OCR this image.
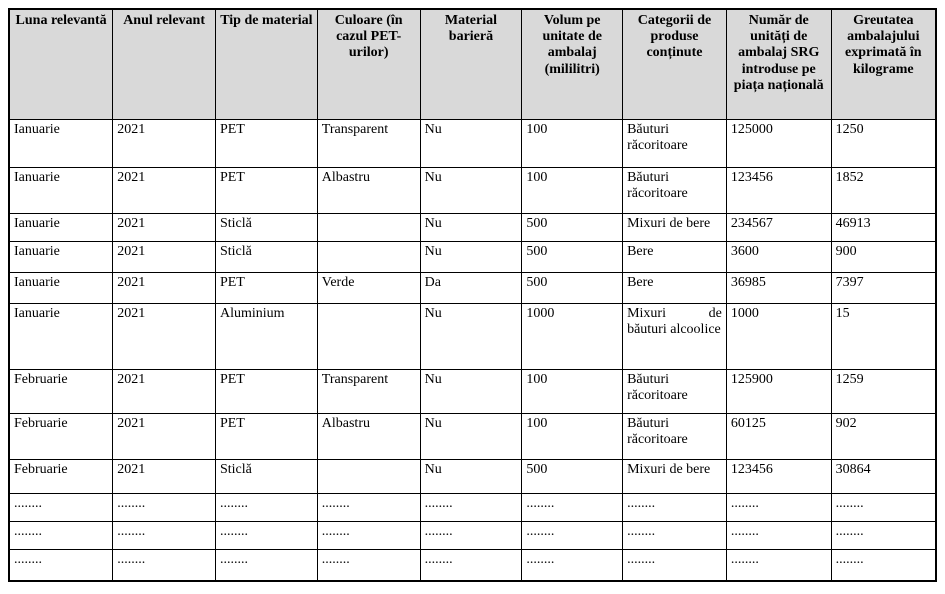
Luna relevantă	Anul relevant	Tip de material	Culoare (în cazul PET-urilor)	Material barieră	Volum pe unitate de ambalaj (mililitri)	Categorii de produse conținute	Număr de unități de ambalaj SRG introduse pe piața națională	Greutatea ambalajului exprimată în kilograme
Ianuarie	2021	PET	Transparent	Nu	100	Băuturi răcoritoare	125000	1250
Ianuarie	2021	PET	Albastru	Nu	100	Băuturi răcoritoare	123456	1852
Ianuarie	2021	Sticlă		Nu	500	Mixuri de bere	234567	46913
Ianuarie	2021	Sticlă		Nu	500	Bere	3600	900
Ianuarie	2021	PET	Verde	Da	500	Bere	36985	7397
Ianuarie	2021	Aluminium		Nu	1000	Mixuri de băuturi alcoolice	1000	15
Februarie	2021	PET	Transparent	Nu	100	Băuturi răcoritoare	125900	1259
Februarie	2021	PET	Albastru	Nu	100	Băuturi răcoritoare	60125	902
Februarie	2021	Sticlă		Nu	500	Mixuri de bere	123456	30864
........	........	........	........	........	........	........	........	........
........	........	........	........	........	........	........	........	........
........	........	........	........	........	........	........	........	........
